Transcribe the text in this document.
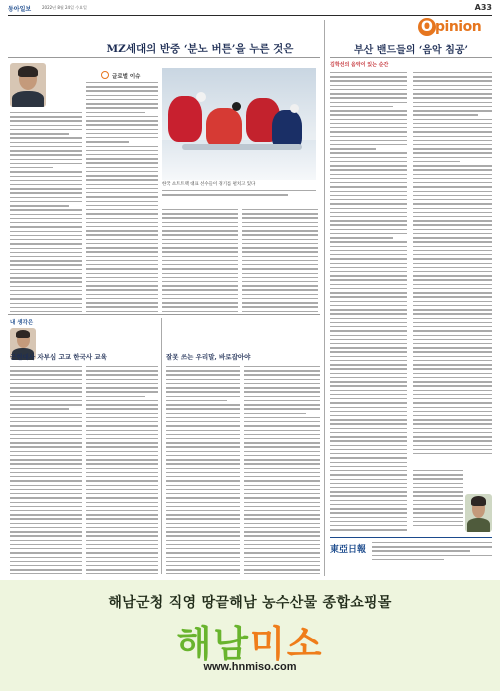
동아일보	2022년 8월 24일 수요일	A33
O pinion
MZ세대의 반중 ‘분노 버튼’을 누른 것은
글로벌 이슈
한국 쇼트트랙 대표 선수들이 경기를 펼치고 있다
부산 밴드들의 ‘음악 침공’
김학선의 음악이 있는 순간
東亞日報
내 생각은
근현대사 자부심 고교 한국사 교육	잘못 쓰는 우리말, 바로잡아야
해남군청 직영 땅끝해남 농수산물 종합쇼핑몰
해남미소
www.hnmiso.com
